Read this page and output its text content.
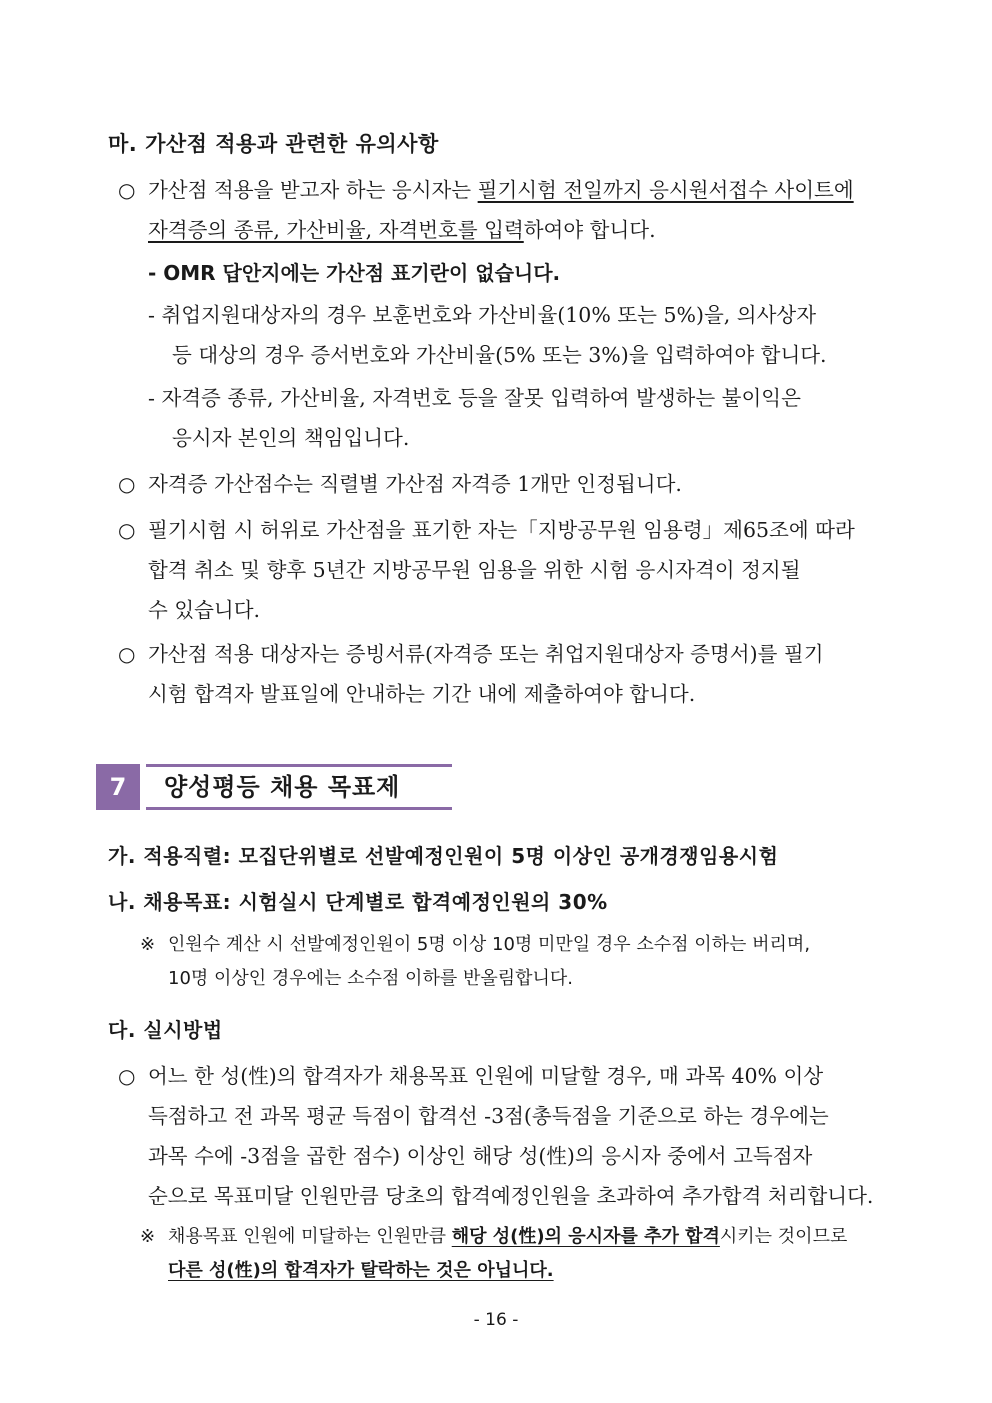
마. 가산점 적용과 관련한 유의사항
○ 가산점 적용을 받고자 하는 응시자는 필기시험 전일까지 응시원서접수 사이트에
자격증의 종류, 가산비율, 자격번호를 입력하여야 합니다.
- OMR 답안지에는 가산점 표기란이 없습니다.
- 취업지원대상자의 경우 보훈번호와 가산비율(10% 또는 5%)을, 의사상자
등 대상의 경우 증서번호와 가산비율(5% 또는 3%)을 입력하여야 합니다.
- 자격증 종류, 가산비율, 자격번호 등을 잘못 입력하여 발생하는 불이익은
응시자 본인의 책임입니다.
○ 자격증 가산점수는 직렬별 가산점 자격증 1개만 인정됩니다.
○ 필기시험 시 허위로 가산점을 표기한 자는「지방공무원 임용령」제65조에 따라
합격 취소 및 향후 5년간 지방공무원 임용을 위한 시험 응시자격이 정지될
수 있습니다.
○ 가산점 적용 대상자는 증빙서류(자격증 또는 취업지원대상자 증명서)를 필기
시험 합격자 발표일에 안내하는 기간 내에 제출하여야 합니다.
7	양성평등 채용 목표제
가. 적용직렬: 모집단위별로 선발예정인원이 5명 이상인 공개경쟁임용시험
나. 채용목표: 시험실시 단계별로 합격예정인원의 30%
※ 인원수 계산 시 선발예정인원이 5명 이상 10명 미만일 경우 소수점 이하는 버리며,
10명 이상인 경우에는 소수점 이하를 반올림합니다.
다. 실시방법
○ 어느 한 성(性)의 합격자가 채용목표 인원에 미달할 경우, 매 과목 40% 이상
득점하고 전 과목 평균 득점이 합격선 -3점(총득점을 기준으로 하는 경우에는
과목 수에 -3점을 곱한 점수) 이상인 해당 성(性)의 응시자 중에서 고득점자
순으로 목표미달 인원만큼 당초의 합격예정인원을 초과하여 추가합격 처리합니다.
※ 채용목표 인원에 미달하는 인원만큼 해당 성(性)의 응시자를 추가 합격시키는 것이므로
다른 성(性)의 합격자가 탈락하는 것은 아닙니다.
- 16 -
